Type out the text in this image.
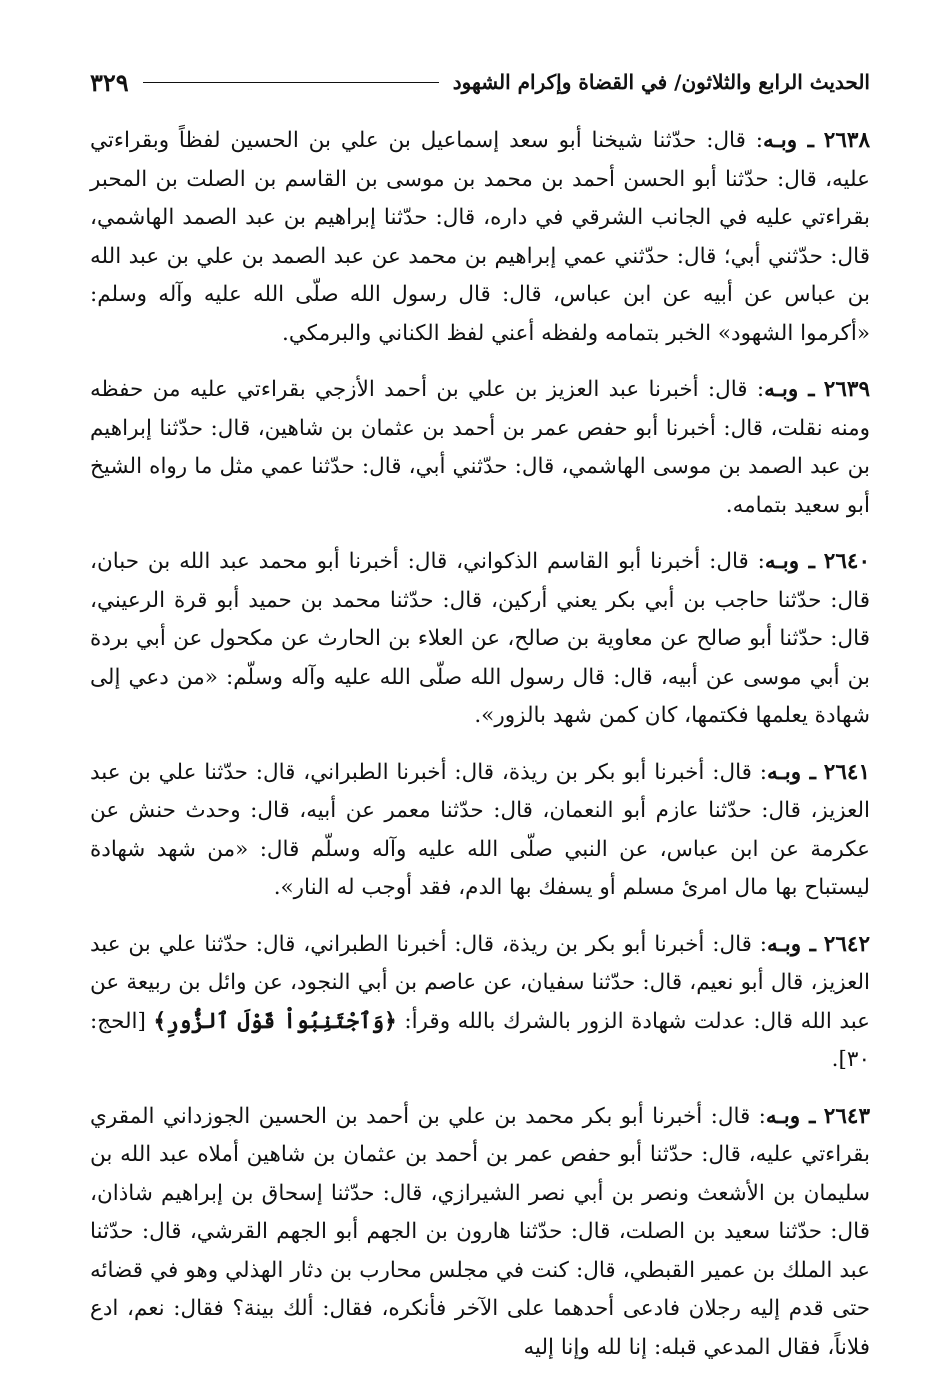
الحديث الرابع والثلاثون/ في القضاة وإكرام الشهود
٣٢٩

٢٦٣٨ ـ وبـه: قال: حدّثنا شيخنا أبو سعد إسماعيل بن علي بن الحسين لفظاً وبقراءتي عليه، قال: حدّثنا أبو الحسن أحمد بن محمد بن موسى بن القاسم بن الصلت بن المحبر بقراءتي عليه في الجانب الشرقي في داره، قال: حدّثنا إبراهيم بن عبد الصمد الهاشمي، قال: حدّثني أبي؛ قال: حدّثني عمي إبراهيم بن محمد عن عبد الصمد بن علي بن عبد الله بن عباس عن أبيه عن ابن عباس، قال: قال رسول الله صلّى الله عليه وآله وسلم: «أكرموا الشهود» الخبر بتمامه ولفظه أعني لفظ الكناني والبرمكي.

٢٦٣٩ ـ وبـه: قال: أخبرنا عبد العزيز بن علي بن أحمد الأزجي بقراءتي عليه من حفظه ومنه نقلت، قال: أخبرنا أبو حفص عمر بن أحمد بن عثمان بن شاهين، قال: حدّثنا إبراهيم بن عبد الصمد بن موسى الهاشمي، قال: حدّثني أبي، قال: حدّثنا عمي مثل ما رواه الشيخ أبو سعيد بتمامه.

٢٦٤٠ ـ وبـه: قال: أخبرنا أبو القاسم الذكواني، قال: أخبرنا أبو محمد عبد الله بن حبان، قال: حدّثنا حاجب بن أبي بكر يعني أركين، قال: حدّثنا محمد بن حميد أبو قرة الرعيني، قال: حدّثنا أبو صالح عن معاوية بن صالح، عن العلاء بن الحارث عن مكحول عن أبي بردة بن أبي موسى عن أبيه، قال: قال رسول الله صلّى الله عليه وآله وسلّم: «من دعي إلى شهادة يعلمها فكتمها، كان كمن شهد بالزور».

٢٦٤١ ـ وبـه: قال: أخبرنا أبو بكر بن ريذة، قال: أخبرنا الطبراني، قال: حدّثنا علي بن عبد العزيز، قال: حدّثنا عازم أبو النعمان، قال: حدّثنا معمر عن أبيه، قال: وحدث حنش عن عكرمة عن ابن عباس، عن النبي صلّى الله عليه وآله وسلّم قال: «من شهد شهادة ليستباح بها مال امرئ مسلم أو يسفك بها الدم، فقد أوجب له النار».

٢٦٤٢ ـ وبـه: قال: أخبرنا أبو بكر بن ريذة، قال: أخبرنا الطبراني، قال: حدّثنا علي بن عبد العزيز، قال أبو نعيم، قال: حدّثنا سفيان، عن عاصم بن أبي النجود، عن وائل بن ربيعة عن عبد الله قال: عدلت شهادة الزور بالشرك بالله وقرأ: ﴿وَٱجْتَنِبُواْ قَوْلَ ٱلزُّورِ﴾ [الحج: ٣٠].

٢٦٤٣ ـ وبـه: قال: أخبرنا أبو بكر محمد بن علي بن أحمد بن الحسين الجوزداني المقري بقراءتي عليه، قال: حدّثنا أبو حفص عمر بن أحمد بن عثمان بن شاهين أملاه عبد الله بن سليمان بن الأشعث ونصر بن أبي نصر الشيرازي، قال: حدّثنا إسحاق بن إبراهيم شاذان، قال: حدّثنا سعيد بن الصلت، قال: حدّثنا هارون بن الجهم أبو الجهم القرشي، قال: حدّثنا عبد الملك بن عمير القبطي، قال: كنت في مجلس محارب بن دثار الهذلي وهو في قضائه حتى قدم إليه رجلان فادعى أحدهما على الآخر فأنكره، فقال: ألك بينة؟ فقال: نعم، ادع فلاناً، فقال المدعي قبله: إنا لله وإنا إليه
